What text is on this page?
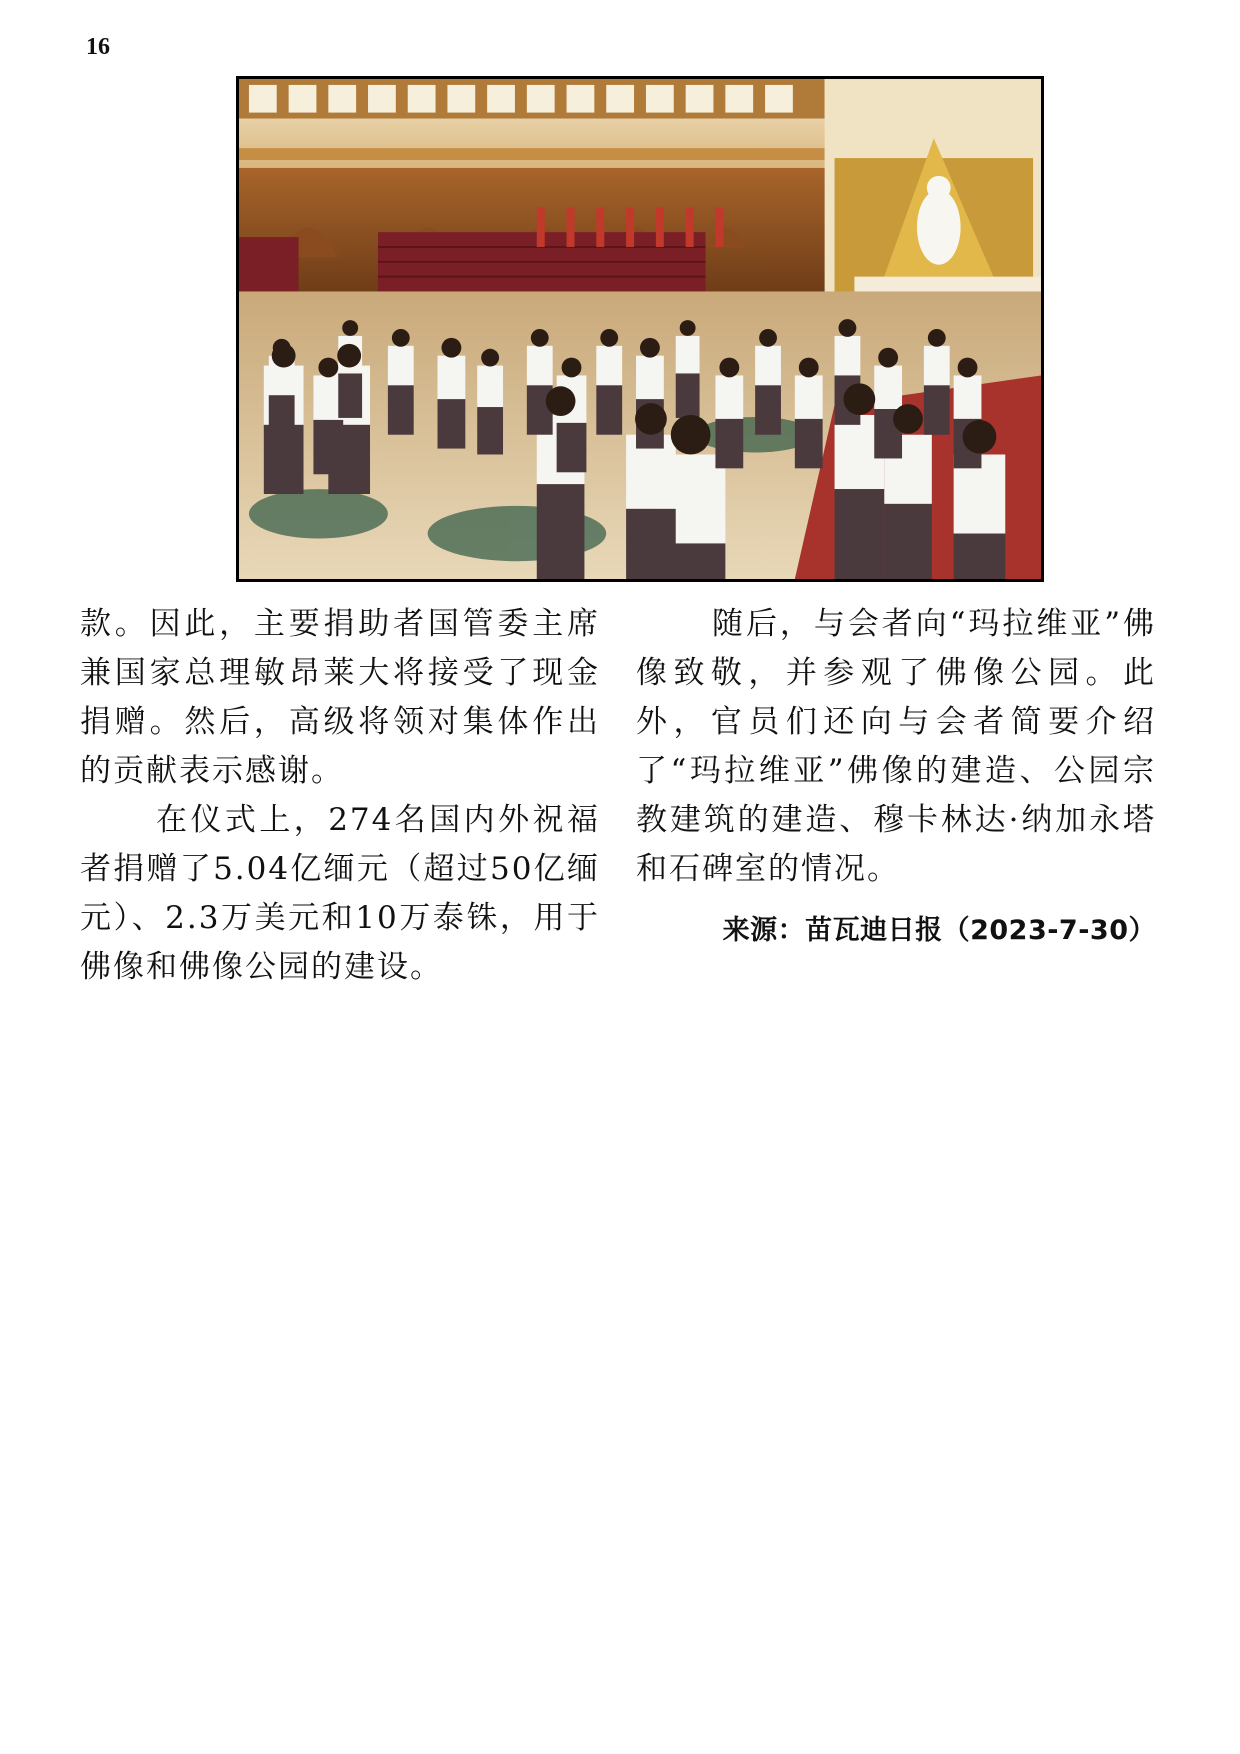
16

款。因此，主要捐助者国管委主席兼国家总理敏昂莱大将接受了现金捐赠。然后，高级将领对集体作出的贡献表示感谢。

在仪式上，274名国内外祝福者捐赠了5.04亿缅元（超过50亿缅元）、2.3万美元和10万泰铢，用于佛像和佛像公园的建设。

随后，与会者向“玛拉维亚”佛像致敬，并参观了佛像公园。此外，官员们还向与会者简要介绍了“玛拉维亚”佛像的建造、公园宗教建筑的建造、穆卡林达·纳加永塔和石碑室的情况。

来源：苗瓦迪日报（2023-7-30）
